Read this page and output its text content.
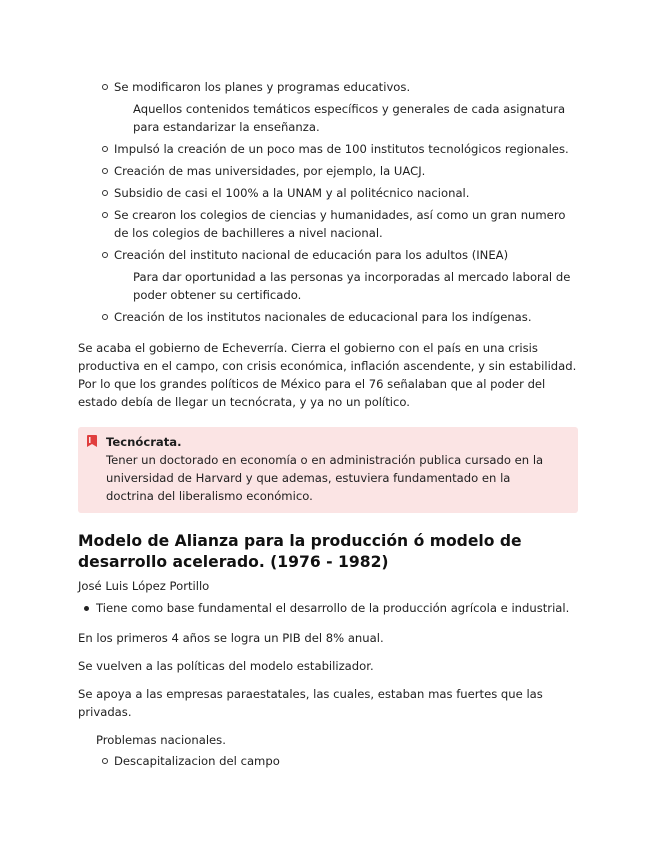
Se modificaron los planes y programas educativos.
Aquellos contenidos temáticos específicos y generales de cada asignatura para estandarizar la enseñanza.
Impulsó la creación de un poco mas de 100 institutos tecnológicos regionales.
Creación de mas universidades, por ejemplo, la UACJ.
Subsidio de casi el 100% a la UNAM y al politécnico nacional.
Se crearon los colegios de ciencias y humanidades, así como un gran numero de los colegios de bachilleres a nivel nacional.
Creación del instituto nacional de educación para los adultos (INEA)
Para dar oportunidad a las personas ya incorporadas al mercado laboral de poder obtener su certificado.
Creación de los institutos nacionales de educacional para los indígenas.

Se acaba el gobierno de Echeverría. Cierra el gobierno con el país en una crisis productiva en el campo, con crisis económica, inflación ascendente, y sin estabilidad. Por lo que los grandes políticos de México para el 76 señalaban que al poder del estado debía de llegar un tecnócrata, y ya no un político.

Tecnócrata.
Tener un doctorado en economía o en administración publica cursado en la universidad de Harvard y que ademas, estuviera fundamentado en la doctrina del liberalismo económico.
Modelo de Alianza para la producción ó modelo de desarrollo acelerado. (1976 - 1982)
José Luis López Portillo
Tiene como base fundamental el desarrollo de la producción agrícola e industrial.

En los primeros 4 años se logra un PIB del 8% anual.

Se vuelven a las políticas del modelo estabilizador.

Se apoya a las empresas paraestatales, las cuales, estaban mas fuertes que las privadas.

Problemas nacionales.
Descapitalizacion del campo
